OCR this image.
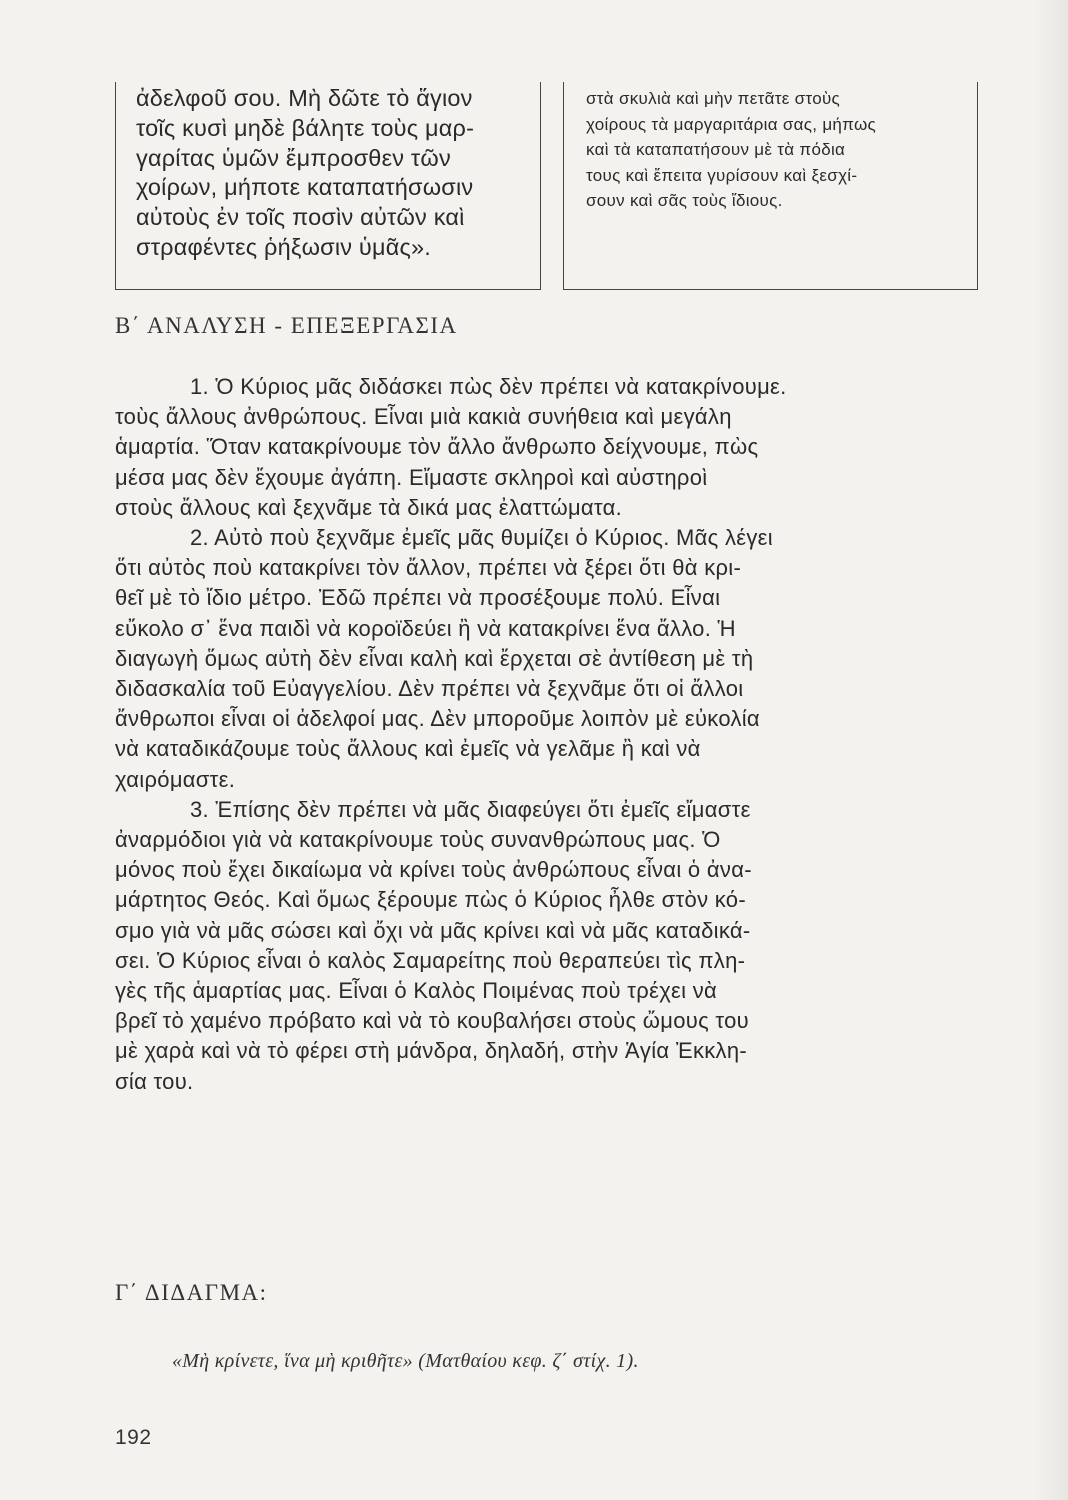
ἀδελφοῦ σου. Μὴ δῶτε τὸ ἅγιον
τοῖς κυσὶ μηδὲ βάλητε τοὺς μαρ-
γαρίτας ὑμῶν ἔμπροσθεν τῶν
χοίρων, μήποτε καταπατήσωσιν
αὐτοὺς ἐν τοῖς ποσὶν αὐτῶν καὶ
στραφέντες ῥήξωσιν ὑμᾶς».
στὰ σκυλιὰ καὶ μὴν πετᾶτε στοὺς
χοίρους τὰ μαργαριτάρια σας, μήπως
καὶ τὰ καταπατήσουν μὲ τὰ πόδια
τους καὶ ἔπειτα γυρίσουν καὶ ξεσχί-
σουν καὶ σᾶς τοὺς ἴδιους.
Β΄ ΑΝΑΛΥΣΗ - ΕΠΕΞΕΡΓΑΣΙΑ
1. Ὁ Κύριος μᾶς διδάσκει πὼς δὲν πρέπει νὰ κατακρίνουμε.
τοὺς ἄλλους ἀνθρώπους. Εἶναι μιὰ κακιὰ συνήθεια καὶ μεγάλη
ἁμαρτία. Ὅταν κατακρίνουμε τὸν ἄλλο ἄνθρωπο δείχνουμε, πὼς
μέσα μας δὲν ἔχουμε ἀγάπη. Εἴμαστε σκληροὶ καὶ αὐστηροὶ
στοὺς ἄλλους καὶ ξεχνᾶμε τὰ δικά μας ἐλαττώματα.
2. Αὐτὸ ποὺ ξεχνᾶμε ἐμεῖς μᾶς θυμίζει ὁ Κύριος. Μᾶς λέγει
ὅτι αὐτὸς ποὺ κατακρίνει τὸν ἄλλον, πρέπει νὰ ξέρει ὅτι θὰ κρι-
θεῖ μὲ τὸ ἴδιο μέτρο. Ἐδῶ πρέπει νὰ προσέξουμε πολύ. Εἶναι
εὔκολο σ᾿ ἕνα παιδὶ νὰ κοροϊδεύει ἢ νὰ κατακρίνει ἕνα ἄλλο. Ἡ
διαγωγὴ ὅμως αὐτὴ δὲν εἶναι καλὴ καὶ ἔρχεται σὲ ἀντίθεση μὲ τὴ
διδασκαλία τοῦ Εὐαγγελίου. Δὲν πρέπει νὰ ξεχνᾶμε ὅτι οἱ ἄλλοι
ἄνθρωποι εἶναι οἱ ἀδελφοί μας. Δὲν μποροῦμε λοιπὸν μὲ εὐκολία
νὰ καταδικάζουμε τοὺς ἄλλους καὶ ἐμεῖς νὰ γελᾶμε ἢ καὶ νὰ
χαιρόμαστε.
3. Ἐπίσης δὲν πρέπει νὰ μᾶς διαφεύγει ὅτι ἐμεῖς εἴμαστε
ἀναρμόδιοι γιὰ νὰ κατακρίνουμε τοὺς συνανθρώπους μας. Ὁ
μόνος ποὺ ἔχει δικαίωμα νὰ κρίνει τοὺς ἀνθρώπους εἶναι ὁ ἀνα-
μάρτητος Θεός. Καὶ ὅμως ξέρουμε πὼς ὁ Κύριος ἦλθε στὸν κό-
σμο γιὰ νὰ μᾶς σώσει καὶ ὄχι νὰ μᾶς κρίνει καὶ νὰ μᾶς καταδικά-
σει. Ὁ Κύριος εἶναι ὁ καλὸς Σαμαρείτης ποὺ θεραπεύει τὶς πλη-
γὲς τῆς ἁμαρτίας μας. Εἶναι ὁ Καλὸς Ποιμένας ποὺ τρέχει νὰ
βρεῖ τὸ χαμένο πρόβατο καὶ νὰ τὸ κουβαλήσει στοὺς ὤμους του
μὲ χαρὰ καὶ νὰ τὸ φέρει στὴ μάνδρα, δηλαδή, στὴν Ἁγία Ἐκκλη-
σία του.
Γ΄ ΔΙΔΑΓΜΑ:
«Μὴ κρίνετε, ἵνα μὴ κριθῆτε» (Ματθαίου κεφ. ζ΄ στίχ. 1).
192
